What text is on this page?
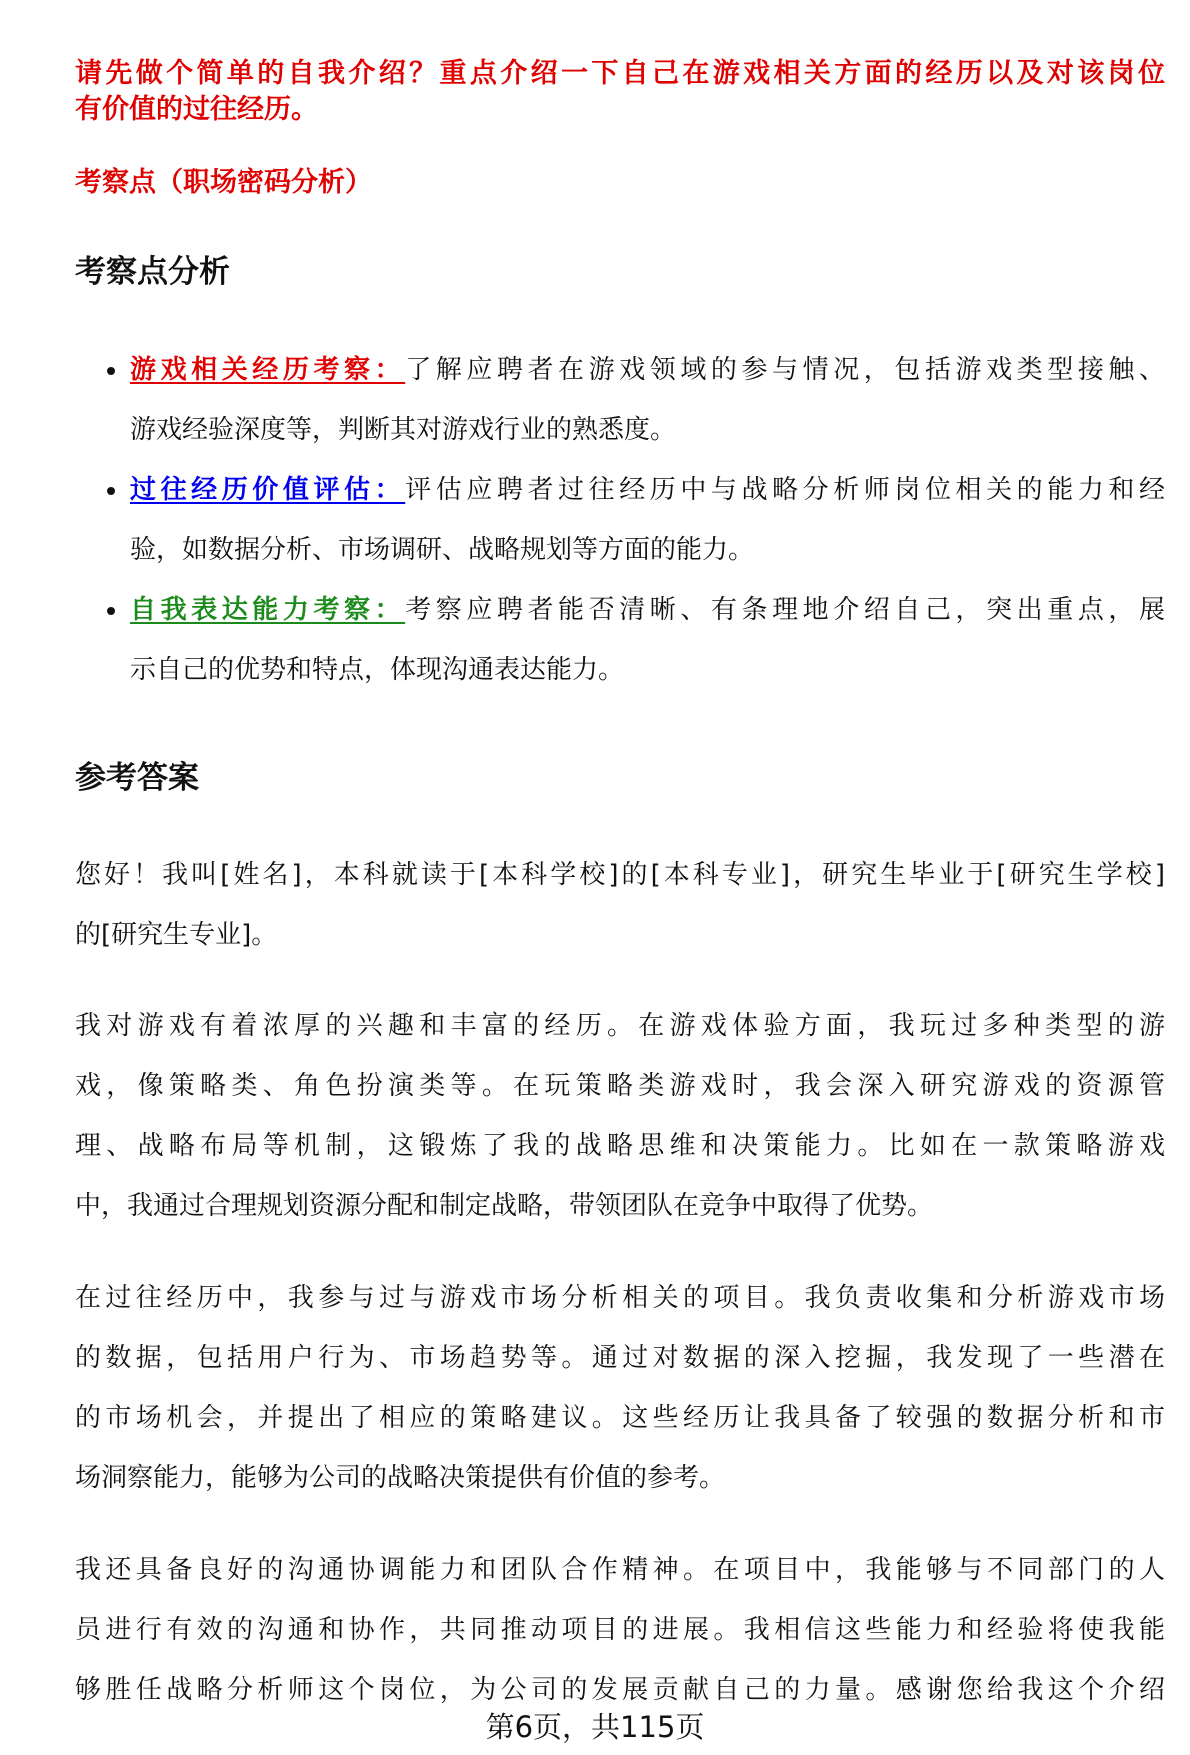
请先做个简单的自我介绍？重点介绍一下自己在游戏相关方面的经历以及对该岗位
有价值的过往经历。
考察点（职场密码分析）
考察点分析
游戏相关经历考察：了解应聘者在游戏领域的参与情况，包括游戏类型接触、
游戏经验深度等，判断其对游戏行业的熟悉度。
过往经历价值评估：评估应聘者过往经历中与战略分析师岗位相关的能力和经
验，如数据分析、市场调研、战略规划等方面的能力。
自我表达能力考察：考察应聘者能否清晰、有条理地介绍自己，突出重点，展
示自己的优势和特点，体现沟通表达能力。
参考答案
您好！我叫[姓名]，本科就读于[本科学校]的[本科专业]，研究生毕业于[研究生学校]
的[研究生专业]。
我对游戏有着浓厚的兴趣和丰富的经历。在游戏体验方面，我玩过多种类型的游
戏，像策略类、角色扮演类等。在玩策略类游戏时，我会深入研究游戏的资源管
理、战略布局等机制，这锻炼了我的战略思维和决策能力。比如在一款策略游戏
中，我通过合理规划资源分配和制定战略，带领团队在竞争中取得了优势。
在过往经历中，我参与过与游戏市场分析相关的项目。我负责收集和分析游戏市场
的数据，包括用户行为、市场趋势等。通过对数据的深入挖掘，我发现了一些潜在
的市场机会，并提出了相应的策略建议。这些经历让我具备了较强的数据分析和市
场洞察能力，能够为公司的战略决策提供有价值的参考。
我还具备良好的沟通协调能力和团队合作精神。在项目中，我能够与不同部门的人
员进行有效的沟通和协作，共同推动项目的进展。我相信这些能力和经验将使我能
够胜任战略分析师这个岗位，为公司的发展贡献自己的力量。感谢您给我这个介绍
第6页，共115页
